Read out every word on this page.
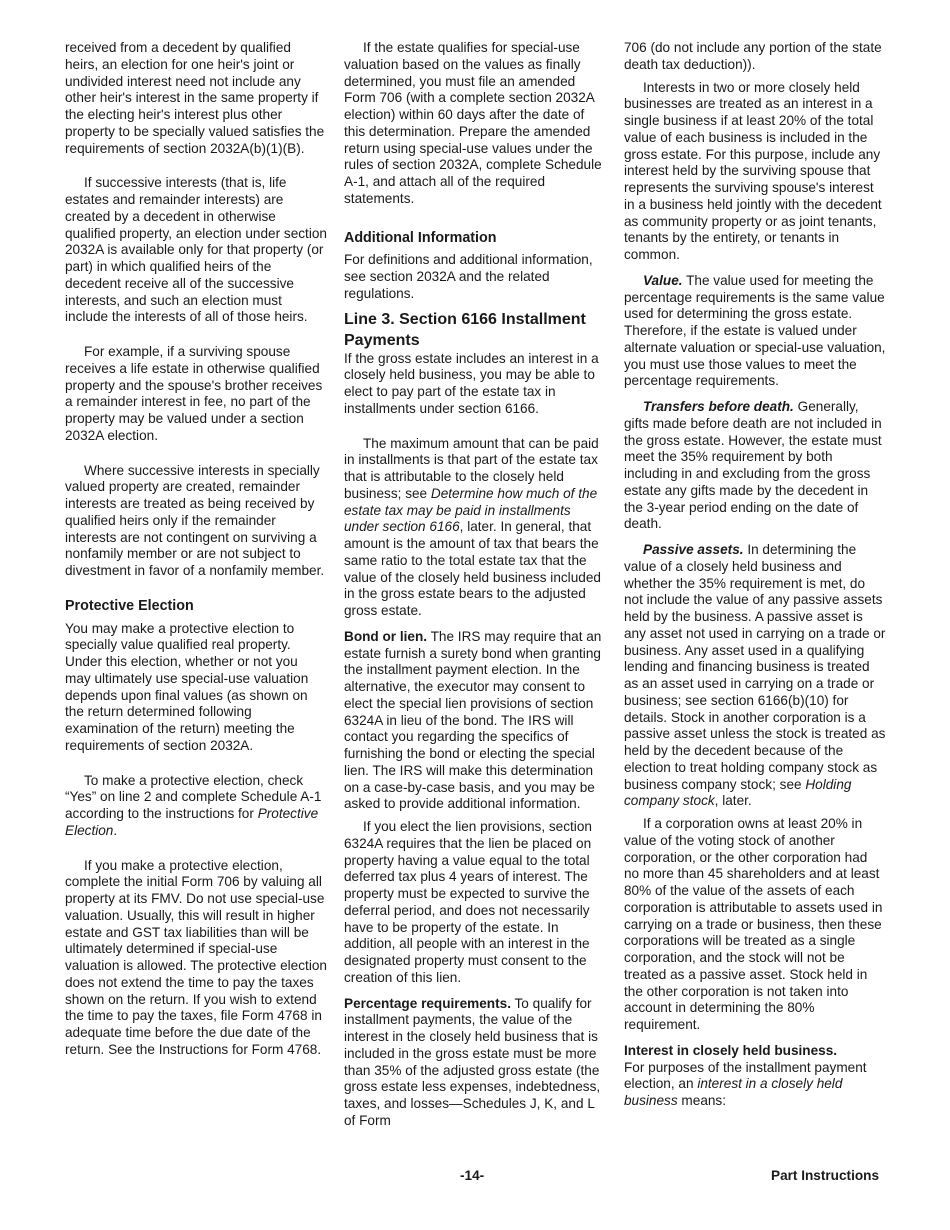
received from a decedent by qualified heirs, an election for one heir's joint or undivided interest need not include any other heir's interest in the same property if the electing heir's interest plus other property to be specially valued satisfies the requirements of section 2032A(b)(1)(B).

If successive interests (that is, life estates and remainder interests) are created by a decedent in otherwise qualified property, an election under section 2032A is available only for that property (or part) in which qualified heirs of the decedent receive all of the successive interests, and such an election must include the interests of all of those heirs.

For example, if a surviving spouse receives a life estate in otherwise qualified property and the spouse's brother receives a remainder interest in fee, no part of the property may be valued under a section 2032A election.

Where successive interests in specially valued property are created, remainder interests are treated as being received by qualified heirs only if the remainder interests are not contingent on surviving a nonfamily member or are not subject to divestment in favor of a nonfamily member.

Protective Election

You may make a protective election to specially value qualified real property. Under this election, whether or not you may ultimately use special-use valuation depends upon final values (as shown on the return determined following examination of the return) meeting the requirements of section 2032A.

To make a protective election, check “Yes” on line 2 and complete Schedule A-1 according to the instructions for Protective Election.

If you make a protective election, complete the initial Form 706 by valuing all property at its FMV. Do not use special-use valuation. Usually, this will result in higher estate and GST tax liabilities than will be ultimately determined if special-use valuation is allowed. The protective election does not extend the time to pay the taxes shown on the return. If you wish to extend the time to pay the taxes, file Form 4768 in adequate time before the due date of the return. See the Instructions for Form 4768.

If the estate qualifies for special-use valuation based on the values as finally determined, you must file an amended Form 706 (with a complete section 2032A election) within 60 days after the date of this determination. Prepare the amended return using special-use values under the rules of section 2032A, complete Schedule A-1, and attach all of the required statements.

Additional Information

For definitions and additional information, see section 2032A and the related regulations.

Line 3. Section 6166 Installment Payments

If the gross estate includes an interest in a closely held business, you may be able to elect to pay part of the estate tax in installments under section 6166.

The maximum amount that can be paid in installments is that part of the estate tax that is attributable to the closely held business; see Determine how much of the estate tax may be paid in installments under section 6166, later. In general, that amount is the amount of tax that bears the same ratio to the total estate tax that the value of the closely held business included in the gross estate bears to the adjusted gross estate.

Bond or lien. The IRS may require that an estate furnish a surety bond when granting the installment payment election. In the alternative, the executor may consent to elect the special lien provisions of section 6324A in lieu of the bond. The IRS will contact you regarding the specifics of furnishing the bond or electing the special lien. The IRS will make this determination on a case-by-case basis, and you may be asked to provide additional information.

If you elect the lien provisions, section 6324A requires that the lien be placed on property having a value equal to the total deferred tax plus 4 years of interest. The property must be expected to survive the deferral period, and does not necessarily have to be property of the estate. In addition, all people with an interest in the designated property must consent to the creation of this lien.

Percentage requirements. To qualify for installment payments, the value of the interest in the closely held business that is included in the gross estate must be more than 35% of the adjusted gross estate (the gross estate less expenses, indebtedness, taxes, and losses—Schedules J, K, and L of Form

706 (do not include any portion of the state death tax deduction)).

Interests in two or more closely held businesses are treated as an interest in a single business if at least 20% of the total value of each business is included in the gross estate. For this purpose, include any interest held by the surviving spouse that represents the surviving spouse's interest in a business held jointly with the decedent as community property or as joint tenants, tenants by the entirety, or tenants in common.

Value. The value used for meeting the percentage requirements is the same value used for determining the gross estate. Therefore, if the estate is valued under alternate valuation or special-use valuation, you must use those values to meet the percentage requirements.

Transfers before death. Generally, gifts made before death are not included in the gross estate. However, the estate must meet the 35% requirement by both including in and excluding from the gross estate any gifts made by the decedent in the 3-year period ending on the date of death.

Passive assets. In determining the value of a closely held business and whether the 35% requirement is met, do not include the value of any passive assets held by the business. A passive asset is any asset not used in carrying on a trade or business. Any asset used in a qualifying lending and financing business is treated as an asset used in carrying on a trade or business; see section 6166(b)(10) for details. Stock in another corporation is a passive asset unless the stock is treated as held by the decedent because of the election to treat holding company stock as business company stock; see Holding company stock, later.

If a corporation owns at least 20% in value of the voting stock of another corporation, or the other corporation had no more than 45 shareholders and at least 80% of the value of the assets of each corporation is attributable to assets used in carrying on a trade or business, then these corporations will be treated as a single corporation, and the stock will not be treated as a passive asset. Stock held in the other corporation is not taken into account in determining the 80% requirement.

Interest in closely held business.
For purposes of the installment payment election, an interest in a closely held business means:

-14-	Part Instructions
